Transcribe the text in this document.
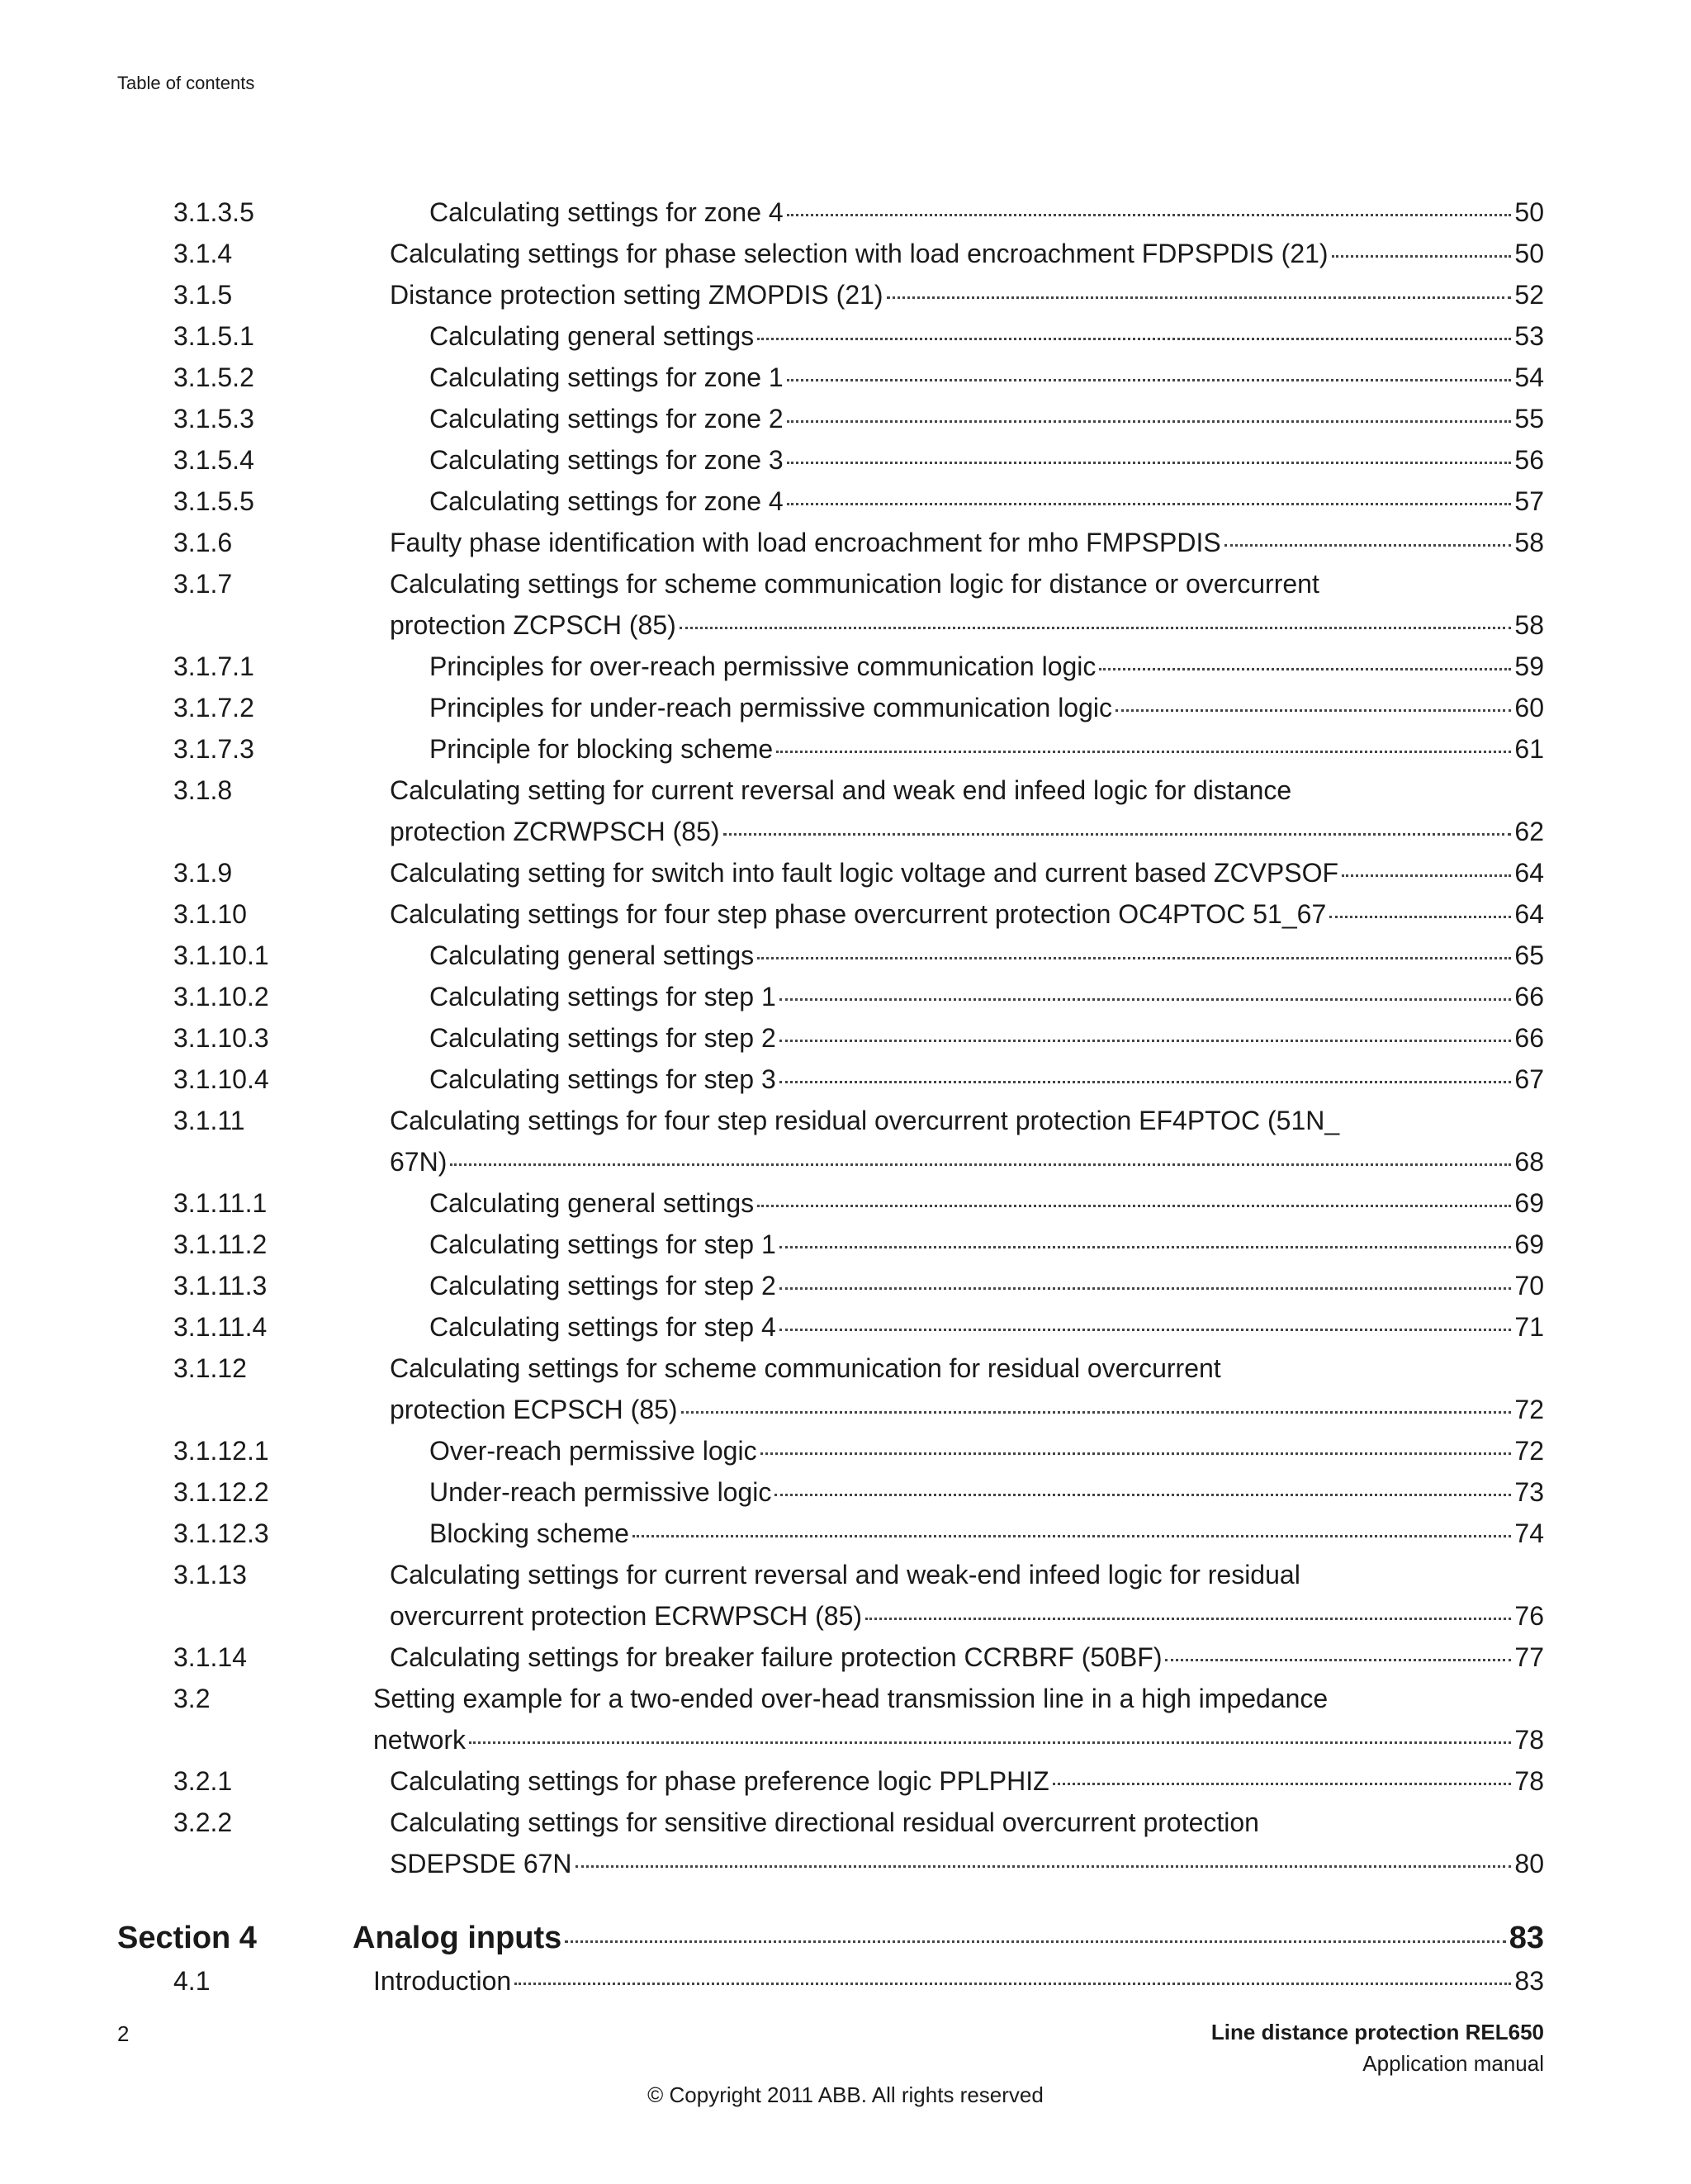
Table of contents
3.1.3.5	Calculating settings for zone 4	50
3.1.4	Calculating settings for phase selection with load encroachment FDPSPDIS (21)	50
3.1.5	Distance protection setting ZMOPDIS (21)	52
3.1.5.1	Calculating general settings	53
3.1.5.2	Calculating settings for zone 1	54
3.1.5.3	Calculating settings for zone 2	55
3.1.5.4	Calculating settings for zone 3	56
3.1.5.5	Calculating settings for zone 4	57
3.1.6	Faulty phase identification with load encroachment for mho FMPSPDIS	58
3.1.7	Calculating settings for scheme communication logic for distance or overcurrent
protection ZCPSCH (85)	58
3.1.7.1	Principles for over-reach permissive communication logic	59
3.1.7.2	Principles for under-reach permissive communication logic	60
3.1.7.3	Principle for blocking scheme	61
3.1.8	Calculating setting for current reversal and weak end infeed logic for distance
protection ZCRWPSCH (85)	62
3.1.9	Calculating setting for switch into fault logic voltage and current based ZCVPSOF	64
3.1.10	Calculating settings for four step phase overcurrent protection OC4PTOC 51_67	64
3.1.10.1	Calculating general settings	65
3.1.10.2	Calculating settings for step 1	66
3.1.10.3	Calculating settings for step 2	66
3.1.10.4	Calculating settings for step 3	67
3.1.11	Calculating settings for four step residual overcurrent protection EF4PTOC (51N_
67N)	68
3.1.11.1	Calculating general settings	69
3.1.11.2	Calculating settings for step 1	69
3.1.11.3	Calculating settings for step 2	70
3.1.11.4	Calculating settings for step 4	71
3.1.12	Calculating settings for scheme communication for residual overcurrent
protection ECPSCH (85)	72
3.1.12.1	Over-reach permissive logic	72
3.1.12.2	Under-reach permissive logic	73
3.1.12.3	Blocking scheme	74
3.1.13	Calculating settings for current reversal and weak-end infeed logic for residual
overcurrent protection ECRWPSCH (85)	76
3.1.14	Calculating settings for breaker failure protection CCRBRF (50BF)	77
3.2	Setting example for a two-ended over-head transmission line in a high impedance
network	78
3.2.1	Calculating settings for phase preference logic PPLPHIZ	78
3.2.2	Calculating settings for sensitive directional residual overcurrent protection
SDEPSDE 67N	80
Section 4	Analog inputs	83
4.1	Introduction	83
2	Line distance protection REL650
Application manual
© Copyright 2011 ABB. All rights reserved
